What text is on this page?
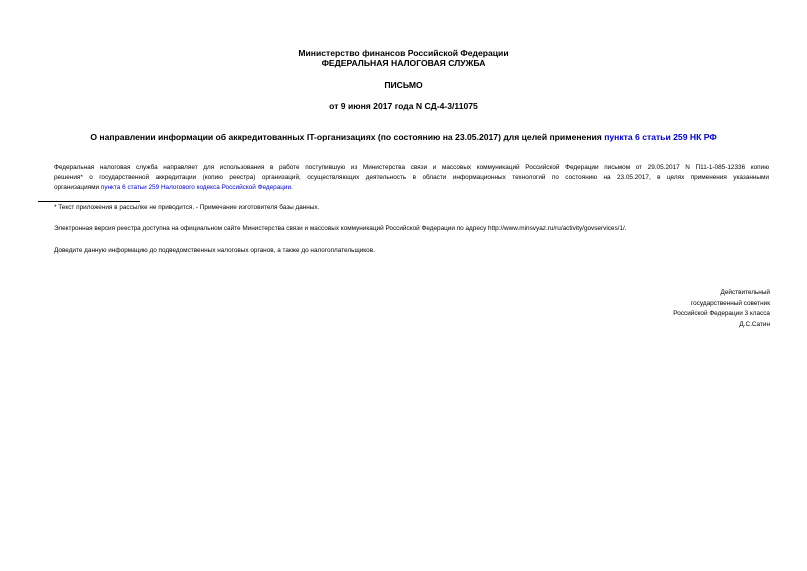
Министерство финансов Российской Федерации
ФЕДЕРАЛЬНАЯ НАЛОГОВАЯ СЛУЖБА
ПИСЬМО
от 9 июня 2017 года N СД-4-3/11075
О направлении информации об аккредитованных IT-организациях (по состоянию на 23.05.2017) для целей применения пункта 6 статьи 259 НК РФ
Федеральная налоговая служба направляет для использования в работе поступившую из Министерства связи и массовых коммуникаций Российской Федерации письмом от 29.05.2017 N П11-1-085-12336 копию
решения* о государственной аккредитации (копию реестра) организаций, осуществляющих деятельность в области информационных технологий по состоянию на 23.05.2017, в целях применения указанными
организациями пункта 6 статьи 259 Налогового кодекса Российской Федерации.
* Текст приложения в рассылке не приводится. - Примечание изготовителя базы данных.
Электронная версия реестра доступна на официальном сайте Министерства связи и массовых коммуникаций Российской Федерации по адресу http://www.minsvyaz.ru/ru/activity/govservices/1/.
Доведите данную информацию до подведомственных налоговых органов, а также до налогоплательщиков.
Действительный
государственный советник
Российской Федерации 3 класса
Д.С.Сатин
